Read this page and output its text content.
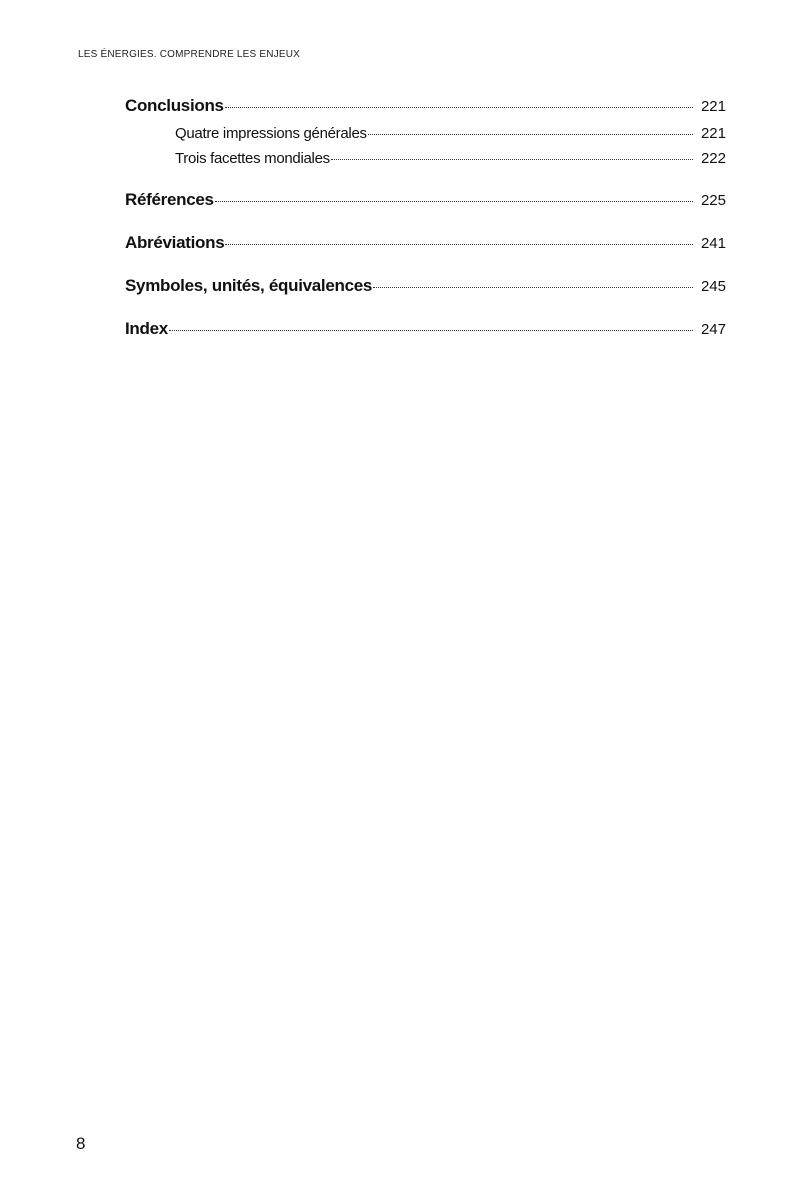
LES ÉNERGIES. COMPRENDRE LES ENJEUX
Conclusions	221
Quatre impressions générales	221
Trois facettes mondiales	222
Références	225
Abréviations	241
Symboles, unités, équivalences	245
Index	247
8
